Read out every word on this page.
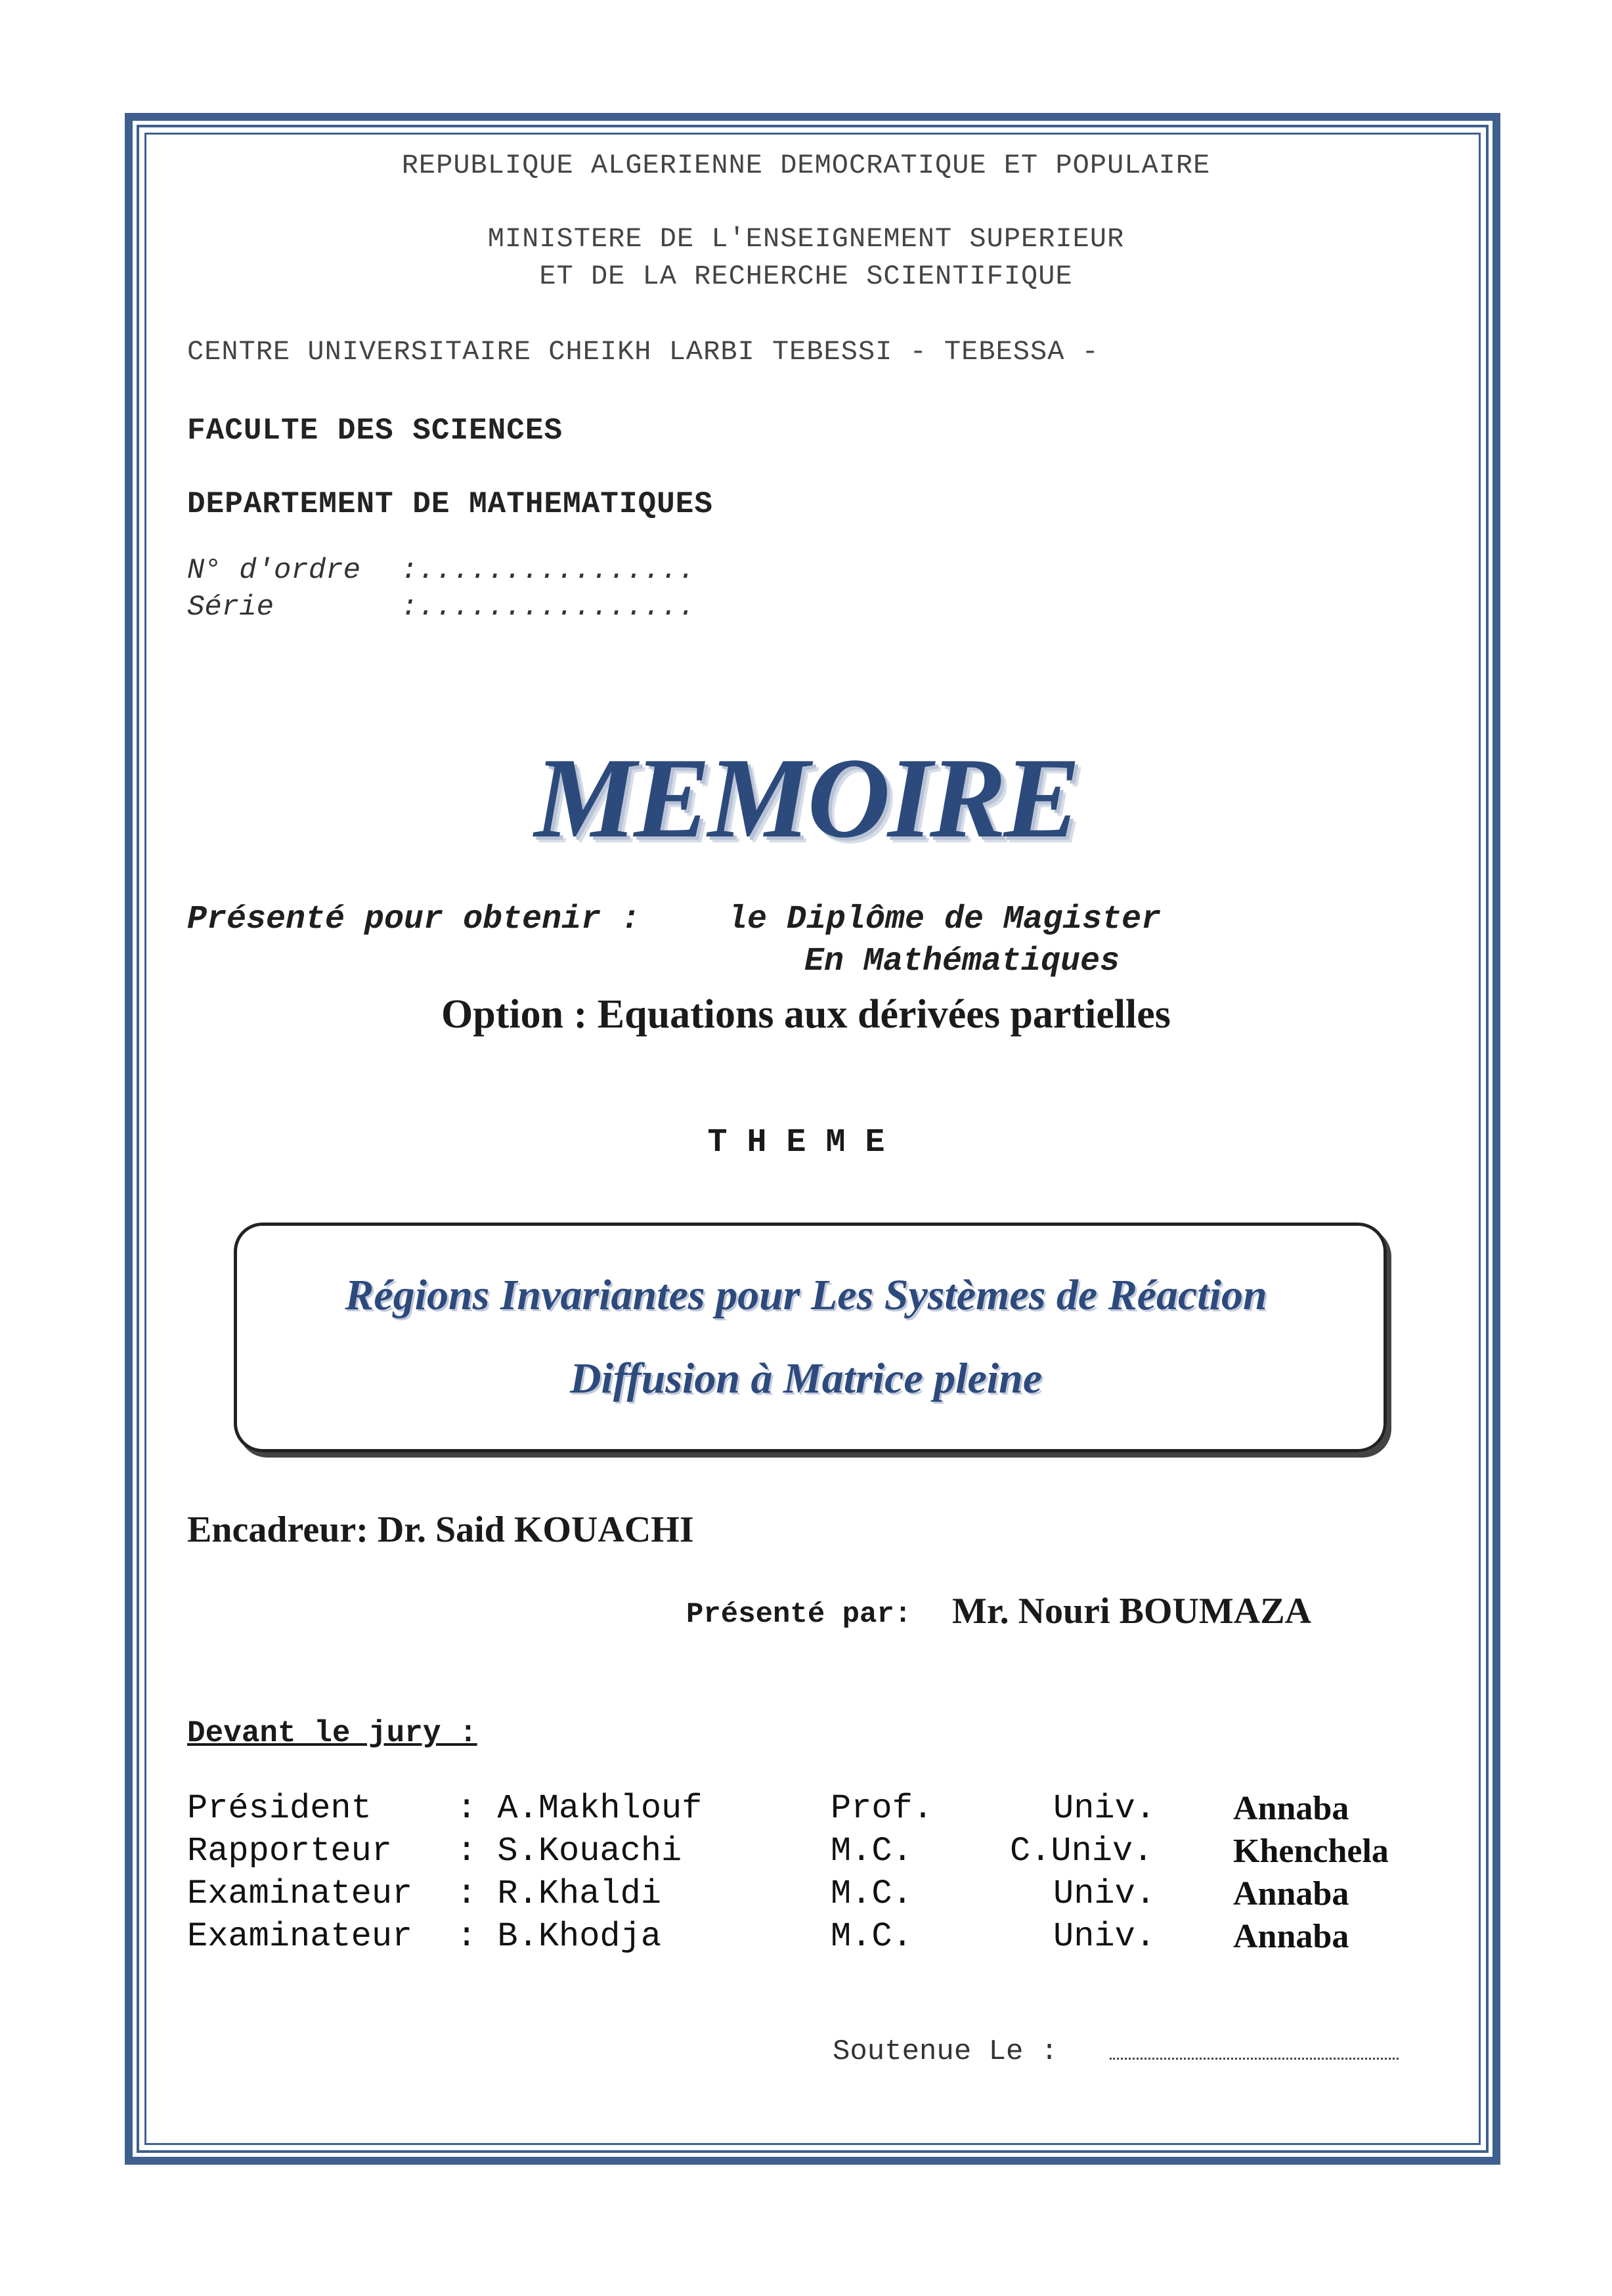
REPUBLIQUE ALGERIENNE DEMOCRATIQUE ET POPULAIRE

MINISTERE DE L'ENSEIGNEMENT SUPERIEUR

ET DE LA RECHERCHE SCIENTIFIQUE

CENTRE UNIVERSITAIRE CHEIKH LARBI TEBESSI - TEBESSA -

FACULTE DES SCIENCES

DEPARTEMENT DE MATHEMATIQUES

N° d'ordre :................

Série	:................

MEMOIRE

Présenté pour obtenir :	le Diplôme de Magister

En Mathématiques

Option : Equations aux dérivées partielles

THEME

Régions Invariantes pour Les Systèmes de Réaction

Diffusion à Matrice pleine

Encadreur: Dr. Said KOUACHI

Présenté par: Mr. Nouri BOUMAZA

Devant le jury :

Président : A.Makhlouf	Prof.	Univ. Annaba

Rapporteur : S.Kouachi	M.C.	C.Univ. Khenchela

Examinateur : R.Khaldi	M.C.	Univ. Annaba

Examinateur : B.Khodja	M.C.	Univ. Annaba

Soutenue Le :
